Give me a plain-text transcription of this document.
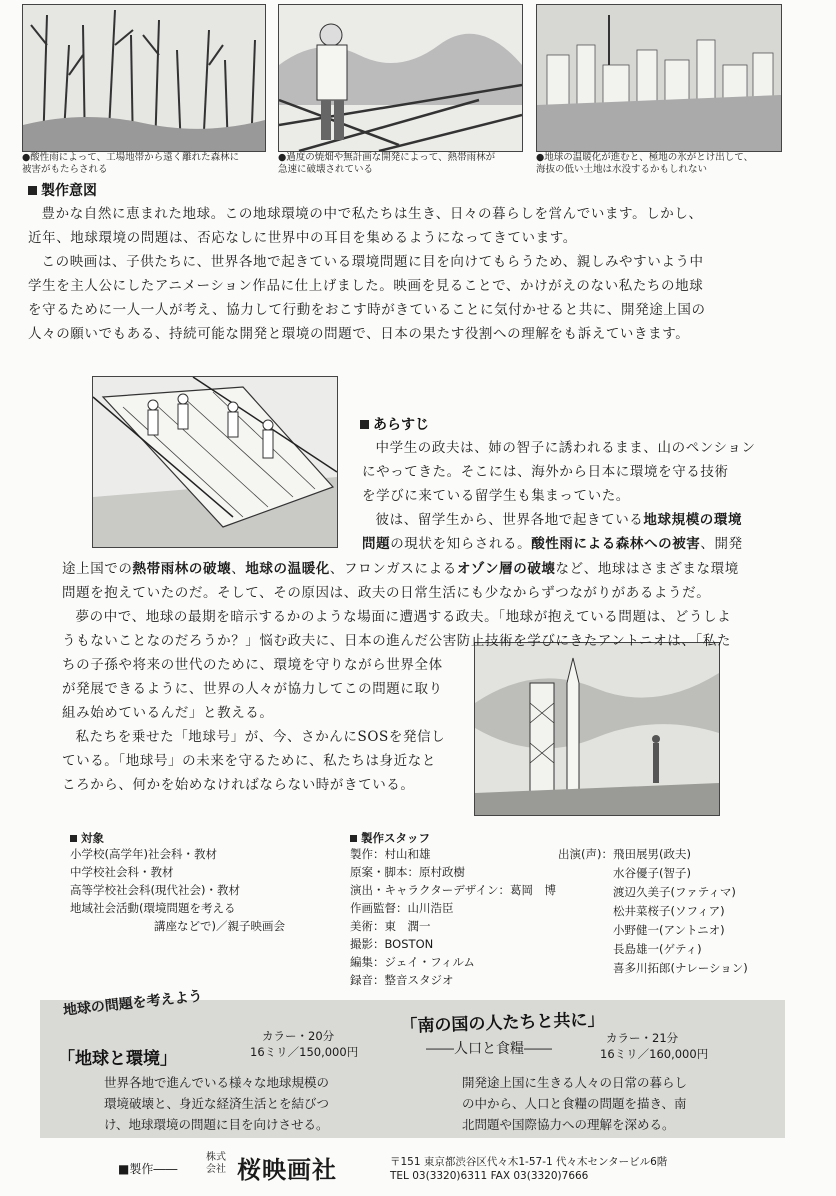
●酸性雨によって、工場地帯から遠く離れた森林に
被害がもたらされる
●過度の焼畑や無計画な開発によって、熱帯雨林が
急速に破壊されている
●地球の温暖化が進むと、極地の氷がとけ出して、
海抜の低い土地は水没するかもしれない
製作意図

豊かな自然に恵まれた地球。この地球環境の中で私たちは生き、日々の暮らしを営んでいます。しかし、

近年、地球環境の問題は、否応なしに世界中の耳目を集めるようになってきています。

この映画は、子供たちに、世界各地で起きている環境問題に目を向けてもらうため、親しみやすいよう中

学生を主人公にしたアニメーション作品に仕上げました。映画を見ることで、かけがえのない私たちの地球

を守るために一人一人が考え、協力して行動をおこす時がきていることに気付かせると共に、開発途上国の

人々の願いでもある、持続可能な開発と環境の問題で、日本の果たす役割への理解をも訴えていきます。

あらすじ

中学生の政夫は、姉の智子に誘われるまま、山のペンション

にやってきた。そこには、海外から日本に環境を守る技術

を学びに来ている留学生も集まっていた。

彼は、留学生から、世界各地で起きている地球規模の環境

問題の現状を知らされる。酸性雨による森林への被害、開発

途上国での熱帯雨林の破壊、地球の温暖化、フロンガスによるオゾン層の破壊など、地球はさまざまな環境

問題を抱えていたのだ。そして、その原因は、政夫の日常生活にも少なからずつながりがあるようだ。

夢の中で、地球の最期を暗示するかのような場面に遭遇する政夫。「地球が抱えている問題は、どうしよ

うもないことなのだろうか？」悩む政夫に、日本の進んだ公害防止技術を学びにきたアントニオは、「私た

ちの子孫や将来の世代のために、環境を守りながら世界全体

が発展できるように、世界の人々が協力してこの問題に取り

組み始めているんだ」と教える。

私たちを乗せた「地球号」が、今、さかんにSOSを発信し

ている。「地球号」の未来を守るために、私たちは身近なと

ころから、何かを始めなければならない時がきている。

対象
小学校(高学年)社会科・教材
中学校社会科・教材
高等学校社会科(現代社会)・教材
地域社会活動(環境問題を考える
講座などで)／親子映画会
製作スタッフ
製作：村山和雄
原案・脚本：原村政樹
演出・キャラクターデザイン：葛岡　博
作画監督：山川浩臣
美術：東　潤一
撮影：BOSTON
編集：ジェイ・フィルム
録音：整音スタジオ
出演(声)：飛田展男(政夫)
水谷優子(智子)
渡辺久美子(ファティマ)
松井菜桜子(ソフィア)
小野健一(アントニオ)
長島雄一(ゲティ)
喜多川拓郎(ナレーション)
地球の問題を考えよう
「地球と環境」
カラー・20分
16ミリ／150,000円
世界各地で進んでいる様々な地球規模の
環境破壊と、身近な経済生活とを結びつ
け、地球環境の問題に目を向けさせる。
「南の国の人たちと共に」
――人口と食糧――
カラー・21分
16ミリ／160,000円
開発途上国に生きる人々の日常の暮らし
の中から、人口と食糧の問題を描き、南
北問題や国際協力への理解を深める。
■製作――
株式
会社 桜映画社	〒151 東京都渋谷区代々木1-57-1 代々木センタービル6階
TEL 03(3320)6311 FAX 03(3320)7666
